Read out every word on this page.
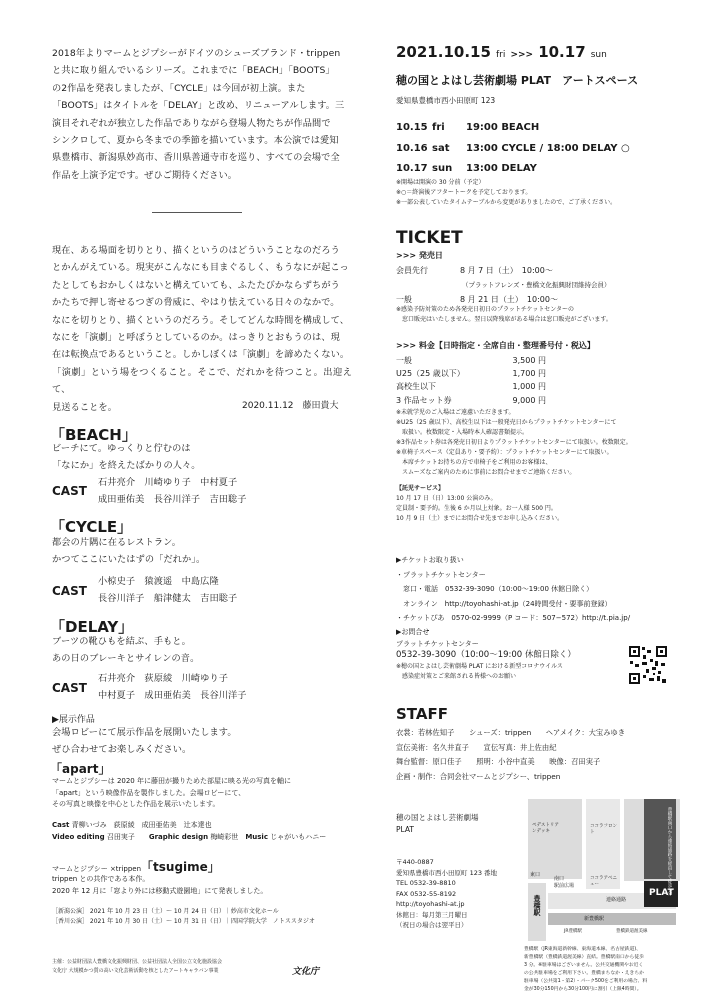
2018年よりマームとジプシーがドイツのシューズブランド・trippen
と共に取り組んでいるシリーズ。これまでに「BEACH」「BOOTS」
の2作品を発表しましたが、「CYCLE」は今回が初上演。また
「BOOTS」はタイトルを「DELAY」と改め、リニューアルします。三
演目それぞれが独立した作品でありながら登場人物たちが作品間で
シンクロして、夏から冬までの季節を描いています。本公演では愛知
県豊橋市、新潟県妙高市、香川県善通寺市を巡り、すべての会場で全
作品を上演予定です。ぜひご期待ください。
現在、ある場面を切りとり、描くというのはどういうことなのだろう
とかんがえている。現実がこんなにも目まぐるしく、もうなにが起こっ
たとしてもおかしくはないと構えていても、ふたたびかならずちがう
かたちで押し寄せるつぎの脅威に、やはり怯えている日々のなかで。
なにを切りとり、描くというのだろう。そしてどんな時間を構成して、
なにを「演劇」と呼ぼうとしているのか。はっきりとおもうのは、現
在は転換点であるということ。しかしぼくは「演劇」を諦めたくない。
「演劇」という場をつくること。そこで、だれかを待つこと。出迎えて、
見送ることを。	2020.11.12　藤田貴大
「BEACH」
ビーチにて。ゆっくりと佇むのは
「なにか」を終えたばかりの人々。
CAST
石井亮介　川崎ゆり子　中村夏子
成田亜佑美　長谷川洋子　吉田聡子
「CYCLE」
都会の片隅に在るレストラン。
かつてここにいたはずの「だれか」。
CAST
小椋史子　猿渡遥　中島広隆
長谷川洋子　船津健太　吉田聡子
「DELAY」
ブーツの靴ひもを結ぶ、手もと。
あの日のブレーキとサイレンの音。
CAST
石井亮介　荻原綾　川崎ゆり子
中村夏子　成田亜佑美　長谷川洋子
▶展示作品
会場ロビーにて展示作品を展開いたします。
ぜひ合わせてお楽しみください。
「apart」
マームとジプシーは 2020 年に藤田が撮りためた部屋に映る光の写真を軸に
「apart」という映像作品を製作しました。会場ロビーにて、
その写真と映像を中心とした作品を展示いたします。
Cast 青柳いづみ　荻原綾　成田亜佑美　辻本達也
Video editing 召田実子　　 Graphic design 梅崎彩世　 Music じゃがいもハニー
マームとジプシー ×trippen「tsugime」
trippen との共作である本作。
2020 年 12 月に「窓より外には移動式遊園地」にて発表しました。
［新潟公演］ 2021 年 10 月 23 日（土）〜 10 月 24 日（日）｜妙高市文化ホール
［香川公演］ 2021 年 10 月 30 日（土）〜 10 月 31 日（日）｜四国学院大学　ノトススタジオ
主催：公益財団法人豊橋文化振興財団、公益社団法人全国公立文化施設協会
文化庁 大規模かつ質の高い文化芸術活動を核としたアートキャラバン事業	文化庁
2021.10.15 fri >>> 10.17 sun
穂の国とよはし芸術劇場 PLAT　アートスペース
愛知県豊橋市西小田原町 123
10.15 fri 19:00 BEACH
10.16 sat 13:00 CYCLE / 18:00 DELAY ○
10.17 sun 13:00 DELAY
※開場は開演の 30 分前（予定）
※○＝終演後アフタートークを予定しております。
※一部公表していたタイムテーブルから変更がありましたので、ご了承ください。
TICKET
>>> 発売日
会員先行	8 月 7 日（土）　10:00〜
（プラットフレンズ・豊橋文化振興財団維持会員）
一般	8 月 21 日（土）　10:00〜
※感染予防対策のため各発売日初日のプラットチケットセンターの
　窓口販売はいたしません。翌日以降残席がある場合は窓口販売がございます。
>>> 料金【日時指定・全席自由・整理番号付・税込】
一般	3,500 円
U25（25 歳以下）	1,700 円
高校生以下	1,000 円
3 作品セット券	9,000 円
※未就学児のご入場はご遠慮いただきます。
※U25（25 歳以下）、高校生以下は一般発売日からプラットチケットセンターにて
　取扱い。枚数限定・入場時本人確認書類提示。
※3作品セット券は各発売日初日よりプラットチケットセンターにて取扱い。枚数限定。
※車椅子スペース（定員あり・要予約）：プラットチケットセンターにて取扱い。
　本席チケットお持ちの方で車椅子をご利用のお客様は、
　スムーズなご案内のために事前にお問合せまでご連絡ください。
【託児サービス】
10 月 17 日（日）13:00 公演のみ。
定員制・要予約。生後 6 か月以上対象。お一人様 500 円。
10 月 9 日（土）までにお問合せ先までお申し込みください。
▶チケットお取り扱い
・プラットチケットセンター
　窓口・電話　0532-39-3090（10:00〜19:00 休館日除く）
　オンライン　http://toyohashi-at.jp（24時間受付・要事前登録）
・チケットぴあ　0570-02-9999（P コード：507−572）http://t.pia.jp/
▶お問合せ
プラットチケットセンター
0532-39-3090（10:00〜19:00 休館日除く）
※穂の国とよはし芸術劇場 PLAT における新型コロナウイルス
　感染症対策とご来館される皆様へのお願い
STAFF
衣裳：若林佐知子　　シューズ：trippen　　ヘアメイク：大宝みゆき
宣伝美術：名久井直子　　宣伝写真：井上佐由紀
舞台監督：原口佳子　　照明：小谷中直美　　映像：召田実子
企画・制作：合同会社マームとジプシー、trippen
穂の国とよはし芸術劇場
PLAT
〒440-0887
愛知県豊橋市西小田原町 123 番地
TEL 0532-39-8810
FAX 0532-55-8192
http://toyohashi-at.jp
休館日：毎月第三月曜日
（祝日の場合は翌平日）
PLAT
豊橋駅南口から連絡通路を経由して徒歩3分
ペデストリアンデッキ
ココラフロント
東口
南口
駅前広場
ココラアベニュー
連絡通路
新豊橋駅
豊橋鉄道渥美線
JR豊橋駅
豊橋駅
豊橋駅（JR東海道新幹線、東海道本線、名古屋鉄道)、
新豊橋駅（豊橋鉄道渥美線）直結。豊橋駅南口から徒歩
3 分。※駐車場はございません。公共交通機関やお近く
の公共駐車場をご利用下さい。豊橋まちなか・えきちか
駐車場（公共第1・第2）・パーク500をご利用の場合、料
金が30分150円から30分100円に割引（上限4時間）。
